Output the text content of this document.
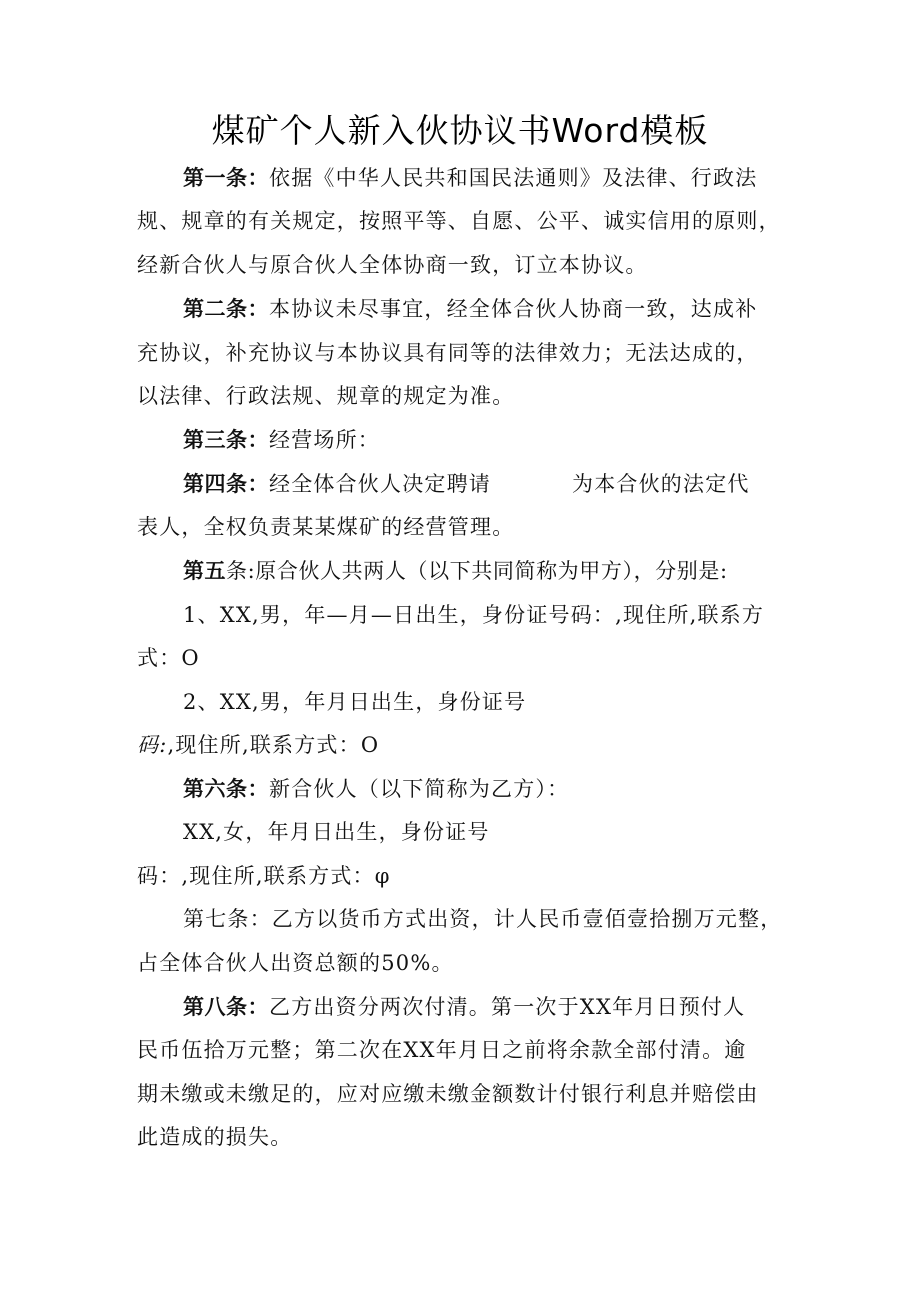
煤矿个人新入伙协议书Word模板
第一条：依据《中华人民共和国民法通则》及法律、行政法
规、规章的有关规定，按照平等、自愿、公平、诚实信用的原则，
经新合伙人与原合伙人全体协商一致，订立本协议。
第二条：本协议未尽事宜，经全体合伙人协商一致，达成补
充协议，补充协议与本协议具有同等的法律效力；无法达成的，
以法律、行政法规、规章的规定为准。
第三条：经营场所：
第四条：经全体合伙人决定聘请	为本合伙的法定代
表人，全权负责某某煤矿的经营管理。
第五条:原合伙人共两人（以下共同简称为甲方），分别是:
1、XX,男，年—月—日出生，身份证号码：,现住所,联系方
式：O
2、XX,男，年月日出生，身份证号
码:,现住所,联系方式：O
第六条：新合伙人（以下简称为乙方）：
XX,女，年月日出生，身份证号
码：,现住所,联系方式：φ
第七条：乙方以货币方式出资，计人民币壹佰壹拾捌万元整，
占全体合伙人出资总额的50%。
第八条：乙方出资分两次付清。第一次于XX年月日预付人
民币伍拾万元整；第二次在XX年月日之前将余款全部付清。逾
期未缴或未缴足的，应对应缴未缴金额数计付银行利息并赔偿由
此造成的损失。
